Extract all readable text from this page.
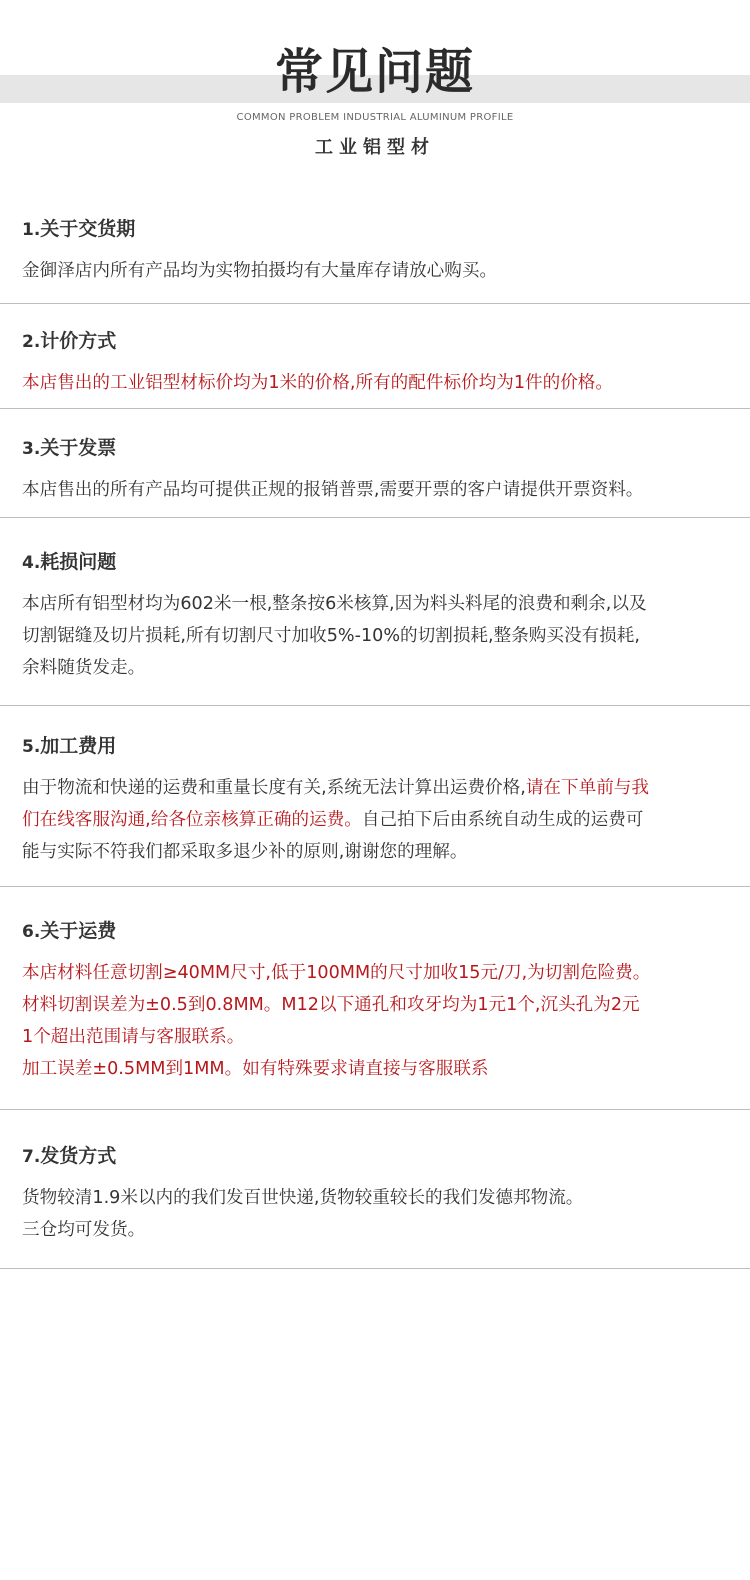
常见问题
COMMON PROBLEM INDUSTRIAL ALUMINUM PROFILE
工业铝型材
1.关于交货期
金御泽店内所有产品均为实物拍摄均有大量库存请放心购买。
2.计价方式
本店售出的工业铝型材标价均为1米的价格,所有的配件标价均为1件的价格。
3.关于发票
本店售出的所有产品均可提供正规的报销普票,需要开票的客户请提供开票资料。
4.耗损问题
本店所有铝型材均为602米一根,整条按6米核算,因为料头料尾的浪费和剩余,以及
切割锯缝及切片损耗,所有切割尺寸加收5%-10%的切割损耗,整条购买没有损耗,
余料随货发走。
5.加工费用
由于物流和快递的运费和重量长度有关,系统无法计算出运费价格,请在下单前与我
们在线客服沟通,给各位亲核算正确的运费。自己拍下后由系统自动生成的运费可
能与实际不符我们都采取多退少补的原则,谢谢您的理解。
6.关于运费
本店材料任意切割≥40MM尺寸,低于100MM的尺寸加收15元/刀,为切割危险费。
材料切割误差为±0.5到0.8MM。M12以下通孔和攻牙均为1元1个,沉头孔为2元
1个超出范围请与客服联系。
加工误差±0.5MM到1MM。如有特殊要求请直接与客服联系
7.发货方式
货物较清1.9米以内的我们发百世快递,货物较重较长的我们发德邦物流。
三仓均可发货。
